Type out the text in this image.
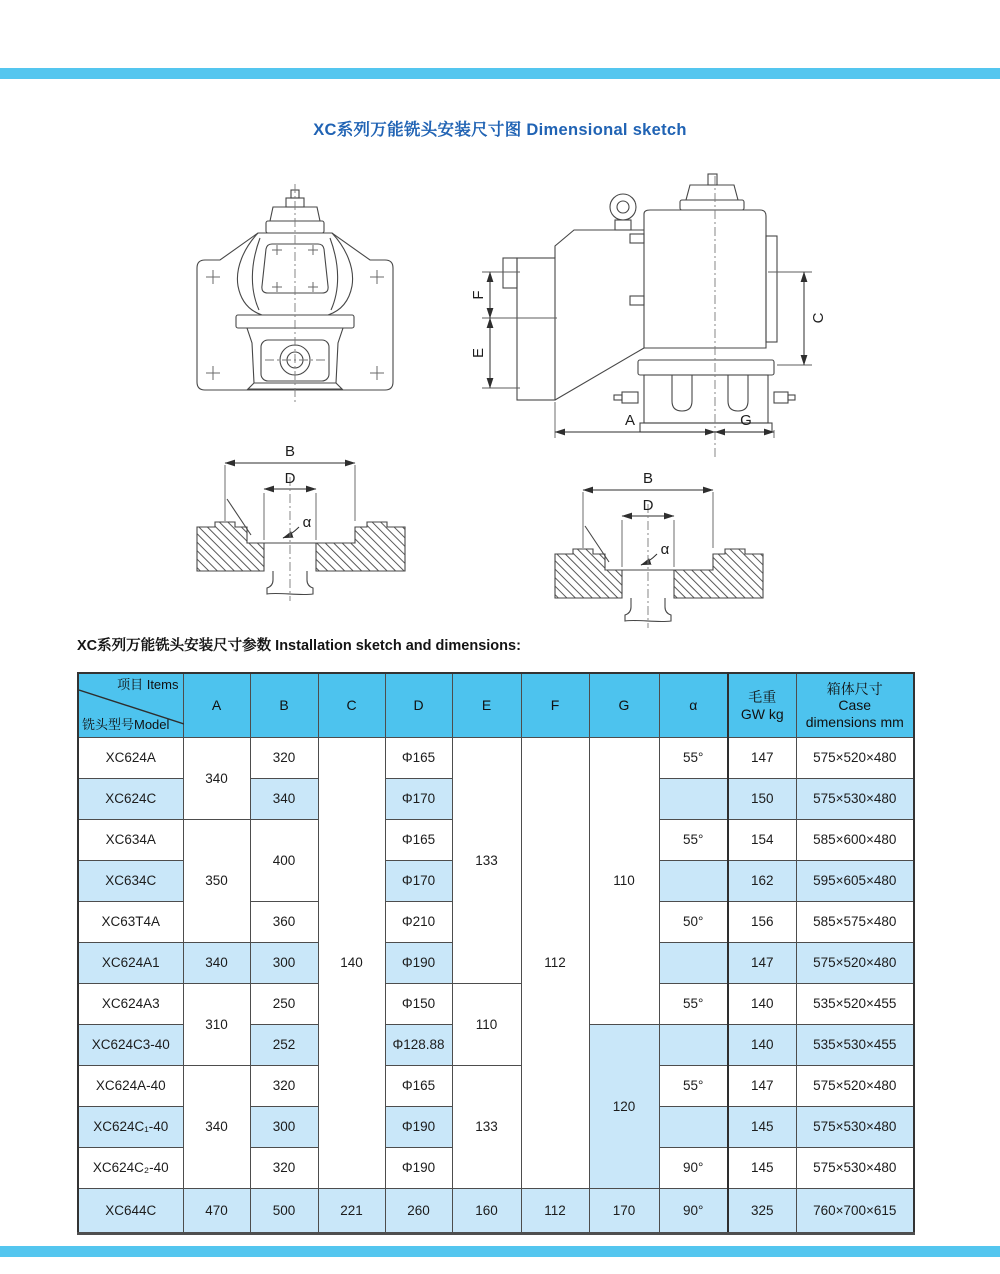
XC系列万能铣头安装尺寸图 Dimensional sketch
F
E
C
A	G
B
D
α
B
D
α
XC系列万能铣头安装尺寸参数 Installation sketch and dimensions:
项目 Items
铣头型号Model
	A	B	C	D	E	F	G	α	
毛重
GW kg

箱体尺寸
Case
dimensions mm

XC624A	340	320	140	Φ165	133	112	110	55°	147	575×520×480
XC624C		340		Φ170					150	575×530×480
XC634A	350	400		Φ165				55°	154	585×600×480
XC634C				Φ170					162	595×605×480
XC63T4A		360		Φ210				50°	156	585×575×480
XC624A1	340	300		Φ190					147	575×520×480
XC624A3	310	250		Φ150	110			55°	140	535×520×455
XC624C3-40		252		Φ128.88			120		140	535×530×455
XC624A-40	340	320		Φ165	133			55°	147	575×520×480
XC624C₁-40		300		Φ190					145	575×530×480
XC624C₂-40		320		Φ190				90°	145	575×530×480
XC644C	470	500	221	260	160	112	170	90°	325	760×700×615
